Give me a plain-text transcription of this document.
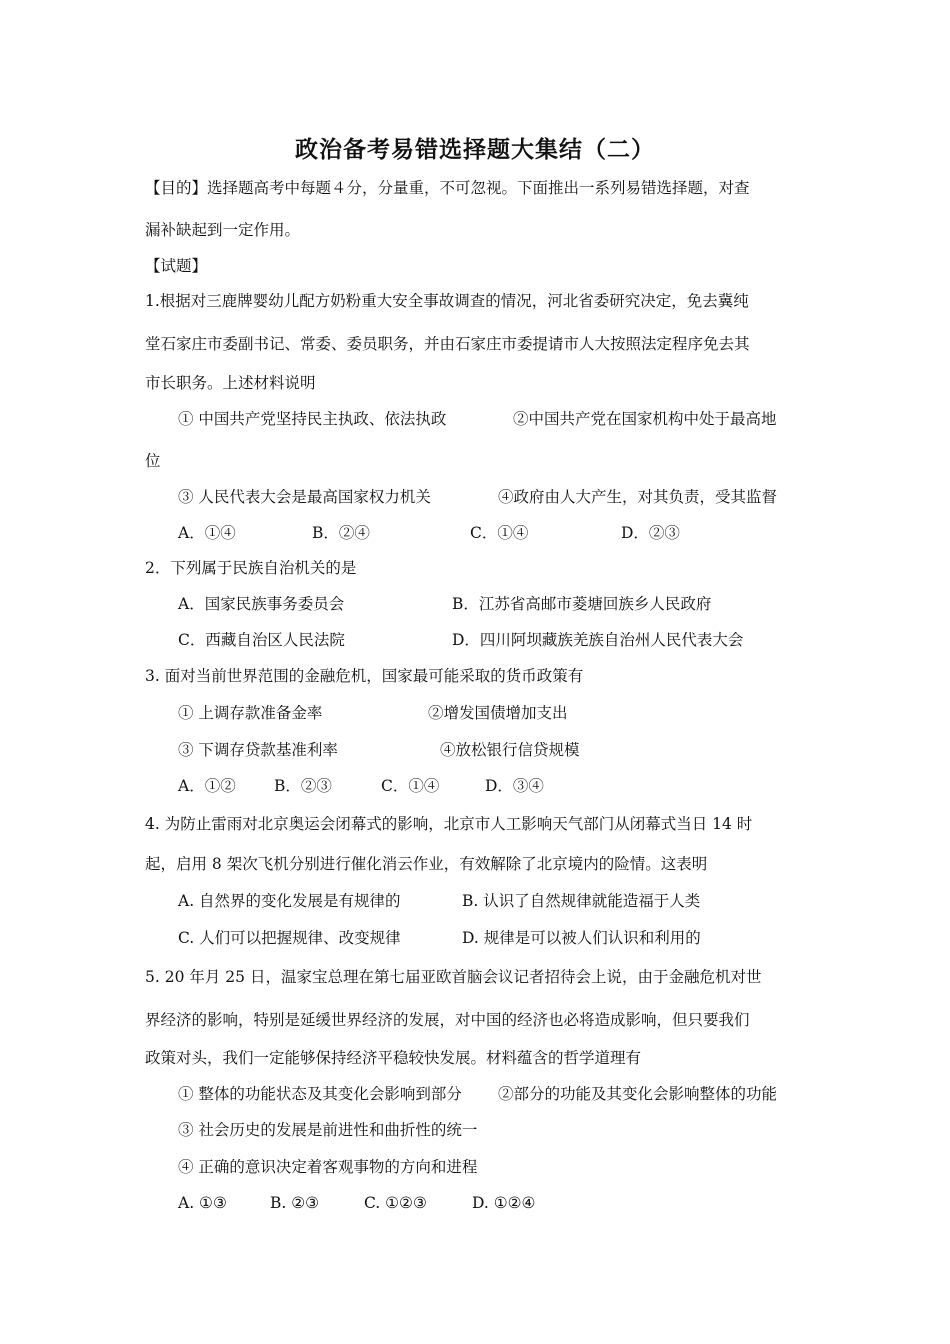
政治备考易错选择题大集结（二）
【目的】选择题高考中每题４分，分量重，不可忽视。下面推出一系列易错选择题，对查
漏补缺起到一定作用。
【试题】
1.根据对三鹿牌婴幼儿配方奶粉重大安全事故调查的情况，河北省委研究决定，免去冀纯
堂石家庄市委副书记、常委、委员职务，并由石家庄市委提请市人大按照法定程序免去其
市长职务。上述材料说明
① 中国共产党坚持民主执政、依法执政	②中国共产党在国家机构中处于最高地
位
③ 人民代表大会是最高国家权力机关	④政府由人大产生，对其负责，受其监督
A．①④	B．②④	C．①④	D．②③
2．下列属于民族自治机关的是
A．国家民族事务委员会	B．江苏省高邮市菱塘回族乡人民政府
C．西藏自治区人民法院	D．四川阿坝藏族羌族自治州人民代表大会
3. 面对当前世界范围的金融危机，国家最可能采取的货币政策有
① 上调存款准备金率	②增发国债增加支出
③ 下调存贷款基准利率	④放松银行信贷规模
A．①② B．②③	C．①④	D．③④
4. 为防止雷雨对北京奥运会闭幕式的影响，北京市人工影响天气部门从闭幕式当日 14 时
起，启用 8 架次飞机分别进行催化消云作业，有效解除了北京境内的险情。这表明
A. 自然界的变化发展是有规律的	B. 认识了自然规律就能造福于人类
C. 人们可以把握规律、改变规律	D. 规律是可以被人们认识和利用的
5. 20 年月 25 日，温家宝总理在第七届亚欧首脑会议记者招待会上说，由于金融危机对世
界经济的影响，特别是延缓世界经济的发展，对中国的经济也必将造成影响，但只要我们
政策对头，我们一定能够保持经济平稳较快发展。材料蕴含的哲学道理有
① 整体的功能状态及其变化会影响到部分 ②部分的功能及其变化会影响整体的功能
③ 社会历史的发展是前进性和曲折性的统一
④ 正确的意识决定着客观事物的方向和进程
A. ①③	B. ②③	C. ①②③	D. ①②④
